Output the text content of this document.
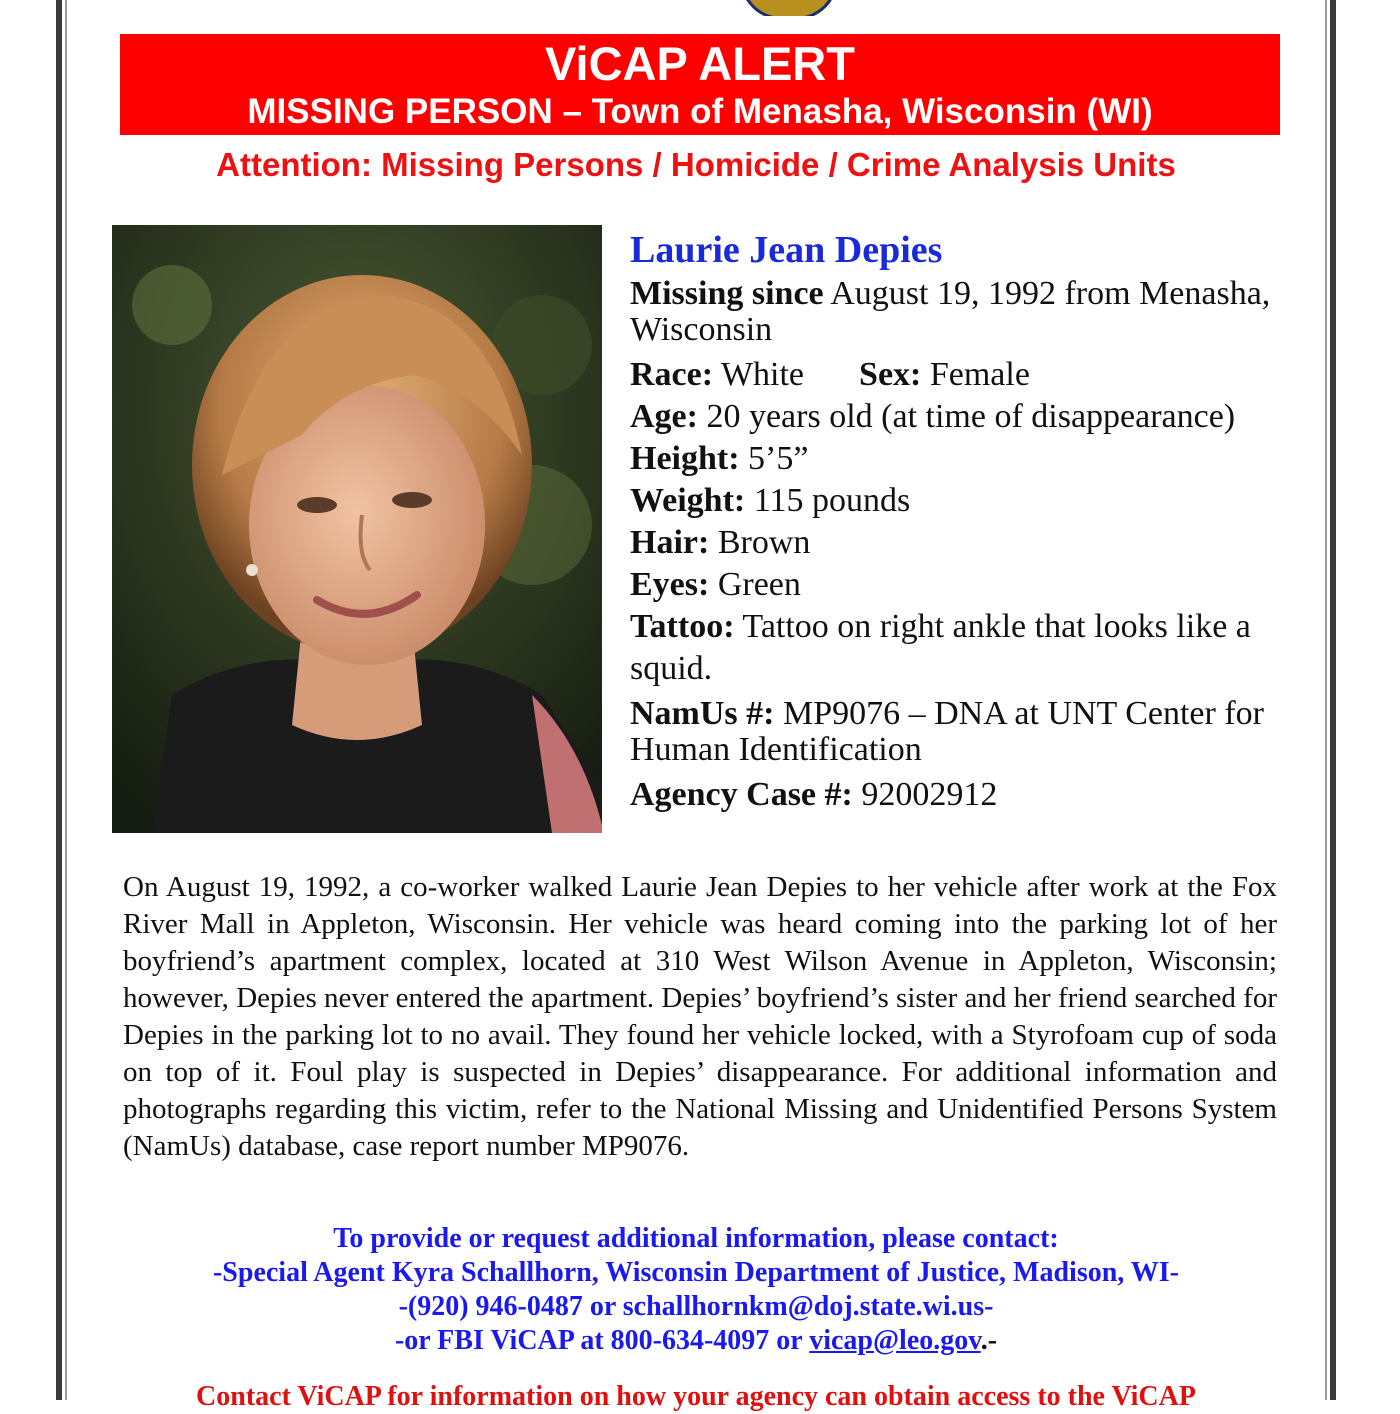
ViCAP ALERT
MISSING PERSON – Town of Menasha, Wisconsin (WI)
Attention: Missing Persons / Homicide / Crime Analysis Units
Laurie Jean Depies
Missing since August 19, 1992 from Menasha, Wisconsin
Race: White Sex: Female
Age: 20 years old (at time of disappearance)
Height: 5’5”
Weight: 115 pounds
Hair: Brown
Eyes: Green
Tattoo: Tattoo on right ankle that looks like a squid.
NamUs #: MP9076 – DNA at UNT Center for Human Identification
Agency Case #: 92002912
On August 19, 1992, a co-worker walked Laurie Jean Depies to her vehicle after work at the Fox River Mall in Appleton, Wisconsin. Her vehicle was heard coming into the parking lot of her boyfriend’s apartment complex, located at 310 West Wilson Avenue in Appleton, Wisconsin; however, Depies never entered the apartment. Depies’ boyfriend’s sister and her friend searched for Depies in the parking lot to no avail. They found her vehicle locked, with a Styrofoam cup of soda on top of it. Foul play is suspected in Depies’ disappearance. For additional information and photographs regarding this victim, refer to the National Missing and Unidentified Persons System (NamUs) database, case report number MP9076.
To provide or request additional information, please contact:
-Special Agent Kyra Schallhorn, Wisconsin Department of Justice, Madison, WI-
-(920) 946-0487 or schallhornkm@doj.state.wi.us-
-or FBI ViCAP at 800-634-4097 or vicap@leo.gov.-
Contact ViCAP for information on how your agency can obtain access to the ViCAP
